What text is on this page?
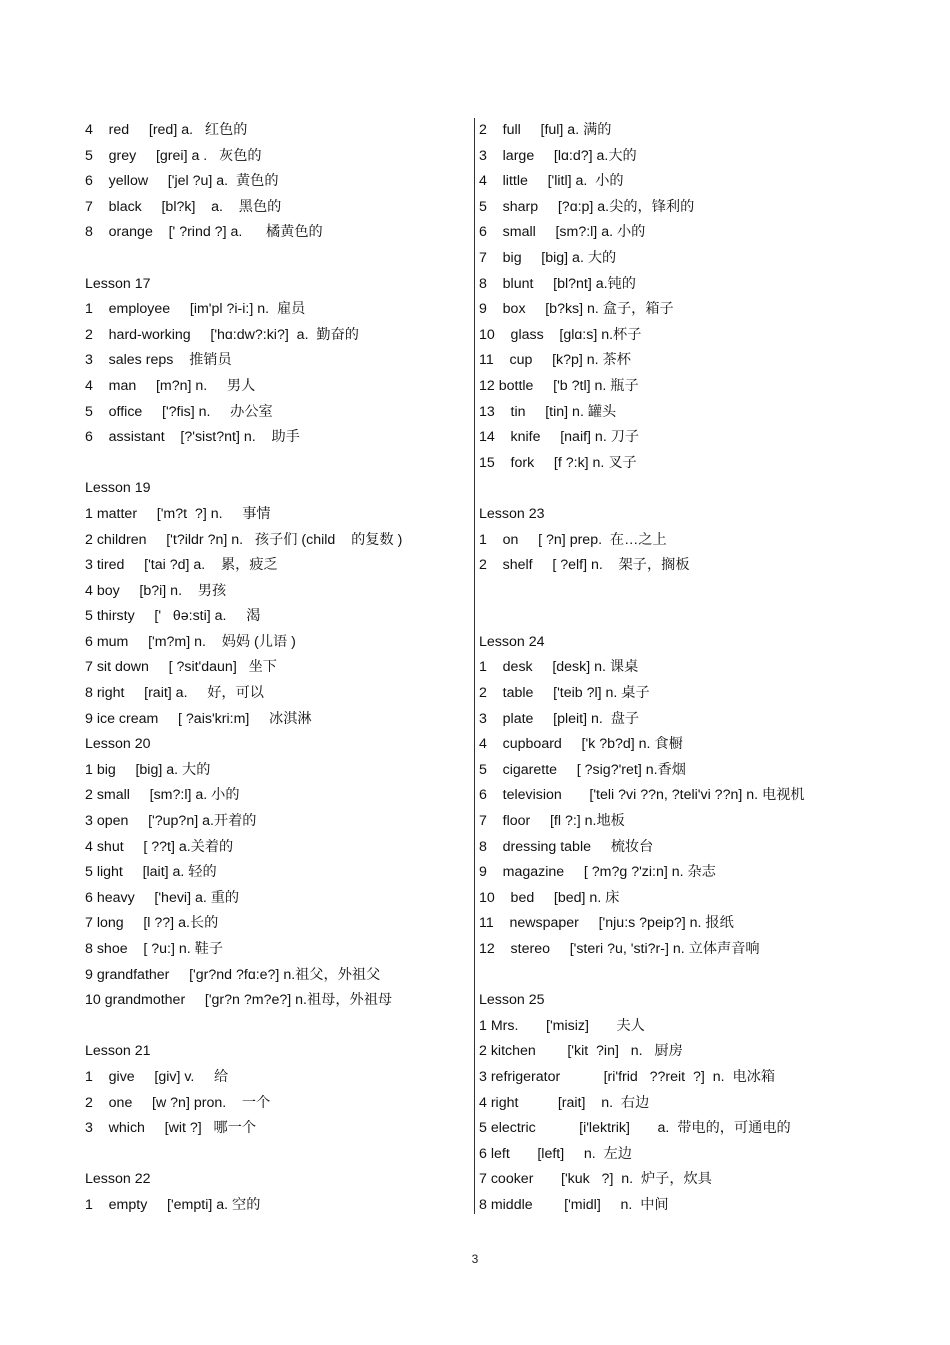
4    red     [red] a.   红色的
5    grey     [grei] a .   灰色的
6    yellow     ['jel ?u] a.  黄色的
7    black     [bl?k]    a.    黑色的
8    orange    [' ?rind ?] a.      橘黄色的
Lesson 17
1    employee     [im'pl ?i-i:] n.  雇员
2    hard-working     ['hɑ:dw?:ki?]  a.  勤奋的
3    sales reps    推销员
4    man     [m?n] n.     男人
5    office     ['?fis] n.     办公室
6    assistant    [?'sist?nt] n.    助手
Lesson 19
1 matter     ['m?t  ?] n.     事情
2 children     ['t?ildr ?n] n.   孩子们 (child    的复数 )
3 tired     ['tai ?d] a.    累，疲乏
4 boy     [b?i] n.    男孩
5 thirsty     ['   θə:sti] a.     渴
6 mum     ['m?m] n.    妈妈 (儿语 )
7 sit down     [ ?sit'daun]   坐下
8 right     [rait] a.     好，可以
9 ice cream     [ ?ais'kri:m]     冰淇淋
Lesson 20
1 big     [big] a. 大的
2 small     [sm?:l] a. 小的
3 open     ['?up?n] a.开着的
4 shut     [ ??t] a.关着的
5 light     [lait] a. 轻的
6 heavy     ['hevi] a. 重的
7 long     [l ??] a.长的
8 shoe    [ ?u:] n. 鞋子
9 grandfather     ['gr?nd ?fɑ:e?] n.祖父，外祖父
10 grandmother     ['gr?n ?m?e?] n.祖母，外祖母
Lesson 21
1    give     [giv] v.     给
2    one     [w ?n] pron.    一个
3    which     [wit ?]   哪一个
Lesson 22
1    empty     ['empti] a. 空的
2    full     [ful] a. 满的
3    large     [lɑ:d?] a.大的
4    little     ['litl] a.  小的
5    sharp     [?ɑ:p] a.尖的，锋利的
6    small     [sm?:l] a. 小的
7    big     [big] a. 大的
8    blunt     [bl?nt] a.钝的
9    box     [b?ks] n. 盒子，箱子
10    glass    [glɑ:s] n.杯子
11    cup     [k?p] n. 茶杯
12 bottle     ['b ?tl] n. 瓶子
13    tin     [tin] n. 罐头
14    knife     [naif] n. 刀子
15    fork     [f ?:k] n. 叉子
Lesson 23
1    on     [ ?n] prep.  在…之上
2    shelf     [ ?elf] n.    架子，搁板
Lesson 24
1    desk     [desk] n. 课桌
2    table     ['teib ?l] n. 桌子
3    plate     [pleit] n.  盘子
4    cupboard     ['k ?b?d] n. 食橱
5    cigarette     [ ?sig?'ret] n.香烟
6    television       ['teli ?vi ??n, ?teli'vi ??n] n. 电视机
7    floor     [fl ?:] n.地板
8    dressing table     梳妆台
9    magazine     [ ?m?g ?'zi:n] n. 杂志
10    bed     [bed] n. 床
11    newspaper     ['nju:s ?peip?] n. 报纸
12    stereo     ['steri ?u, 'sti?r-] n. 立体声音响
Lesson 25
1 Mrs.       ['misiz]       夫人
2 kitchen        ['kit  ?in]   n.   厨房
3 refrigerator           [ri'frid   ??reit  ?]  n.  电冰箱
4 right          [rait]    n.  右边
5 electric           [i'lektrik]       a.  带电的，可通电的
6 left       [left]     n.  左边
7 cooker       ['kuk   ?]  n.  炉子，炊具
8 middle        ['midl]     n.  中间
3
